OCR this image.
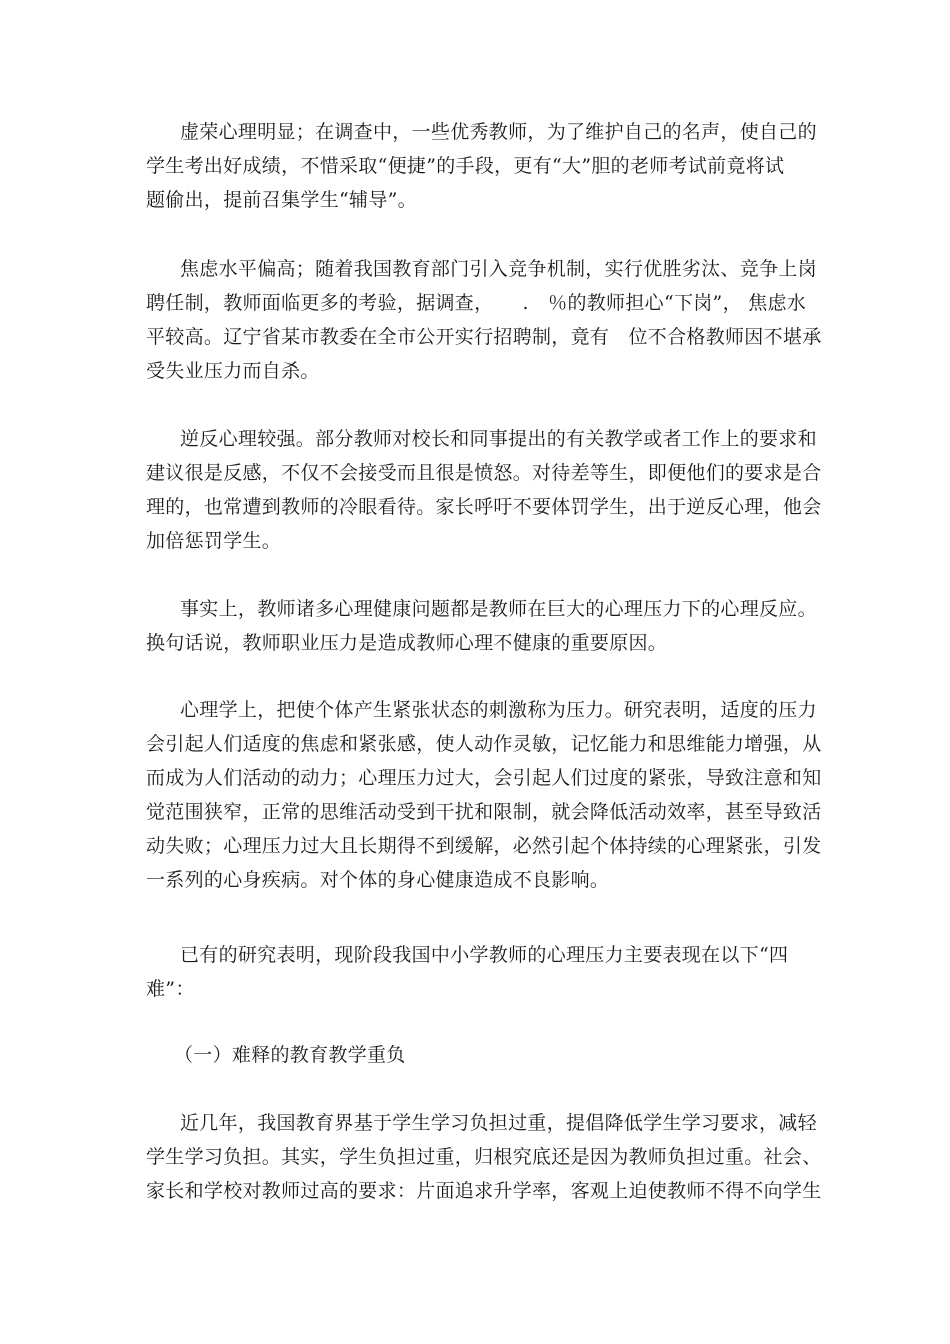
虚荣心理明显；在调查中，一些优秀教师，为了维护自己的名声，使自己的
学生考出好成绩，不惜采取“便捷”的手段，更有“大”胆的老师考试前竟将试
题偷出，提前召集学生“辅导”。
焦虑水平偏高；随着我国教育部门引入竞争机制，实行优胜劣汰、竞争上岗
聘任制，教师面临更多的考验，据调查，　　.　％的教师担心“下岗”， 焦虑水
平较高。辽宁省某市教委在全市公开实行招聘制，竟有　位不合格教师因不堪承
受失业压力而自杀。
逆反心理较强。部分教师对校长和同事提出的有关教学或者工作上的要求和
建议很是反感，不仅不会接受而且很是愤怒。对待差等生，即便他们的要求是合
理的，也常遭到教师的冷眼看待。家长呼吁不要体罚学生，出于逆反心理，他会
加倍惩罚学生。
事实上，教师诸多心理健康问题都是教师在巨大的心理压力下的心理反应。
换句话说，教师职业压力是造成教师心理不健康的重要原因。
心理学上，把使个体产生紧张状态的刺激称为压力。研究表明，适度的压力
会引起人们适度的焦虑和紧张感，使人动作灵敏，记忆能力和思维能力增强，从
而成为人们活动的动力；心理压力过大，会引起人们过度的紧张，导致注意和知
觉范围狭窄，正常的思维活动受到干扰和限制，就会降低活动效率，甚至导致活
动失败；心理压力过大且长期得不到缓解，必然引起个体持续的心理紧张，引发
一系列的心身疾病。对个体的身心健康造成不良影响。
已有的研究表明，现阶段我国中小学教师的心理压力主要表现在以下“四
难”：
（一）难释的教育教学重负
近几年，我国教育界基于学生学习负担过重，提倡降低学生学习要求，减轻
学生学习负担。其实，学生负担过重，归根究底还是因为教师负担过重。社会、
家长和学校对教师过高的要求：片面追求升学率，客观上迫使教师不得不向学生
